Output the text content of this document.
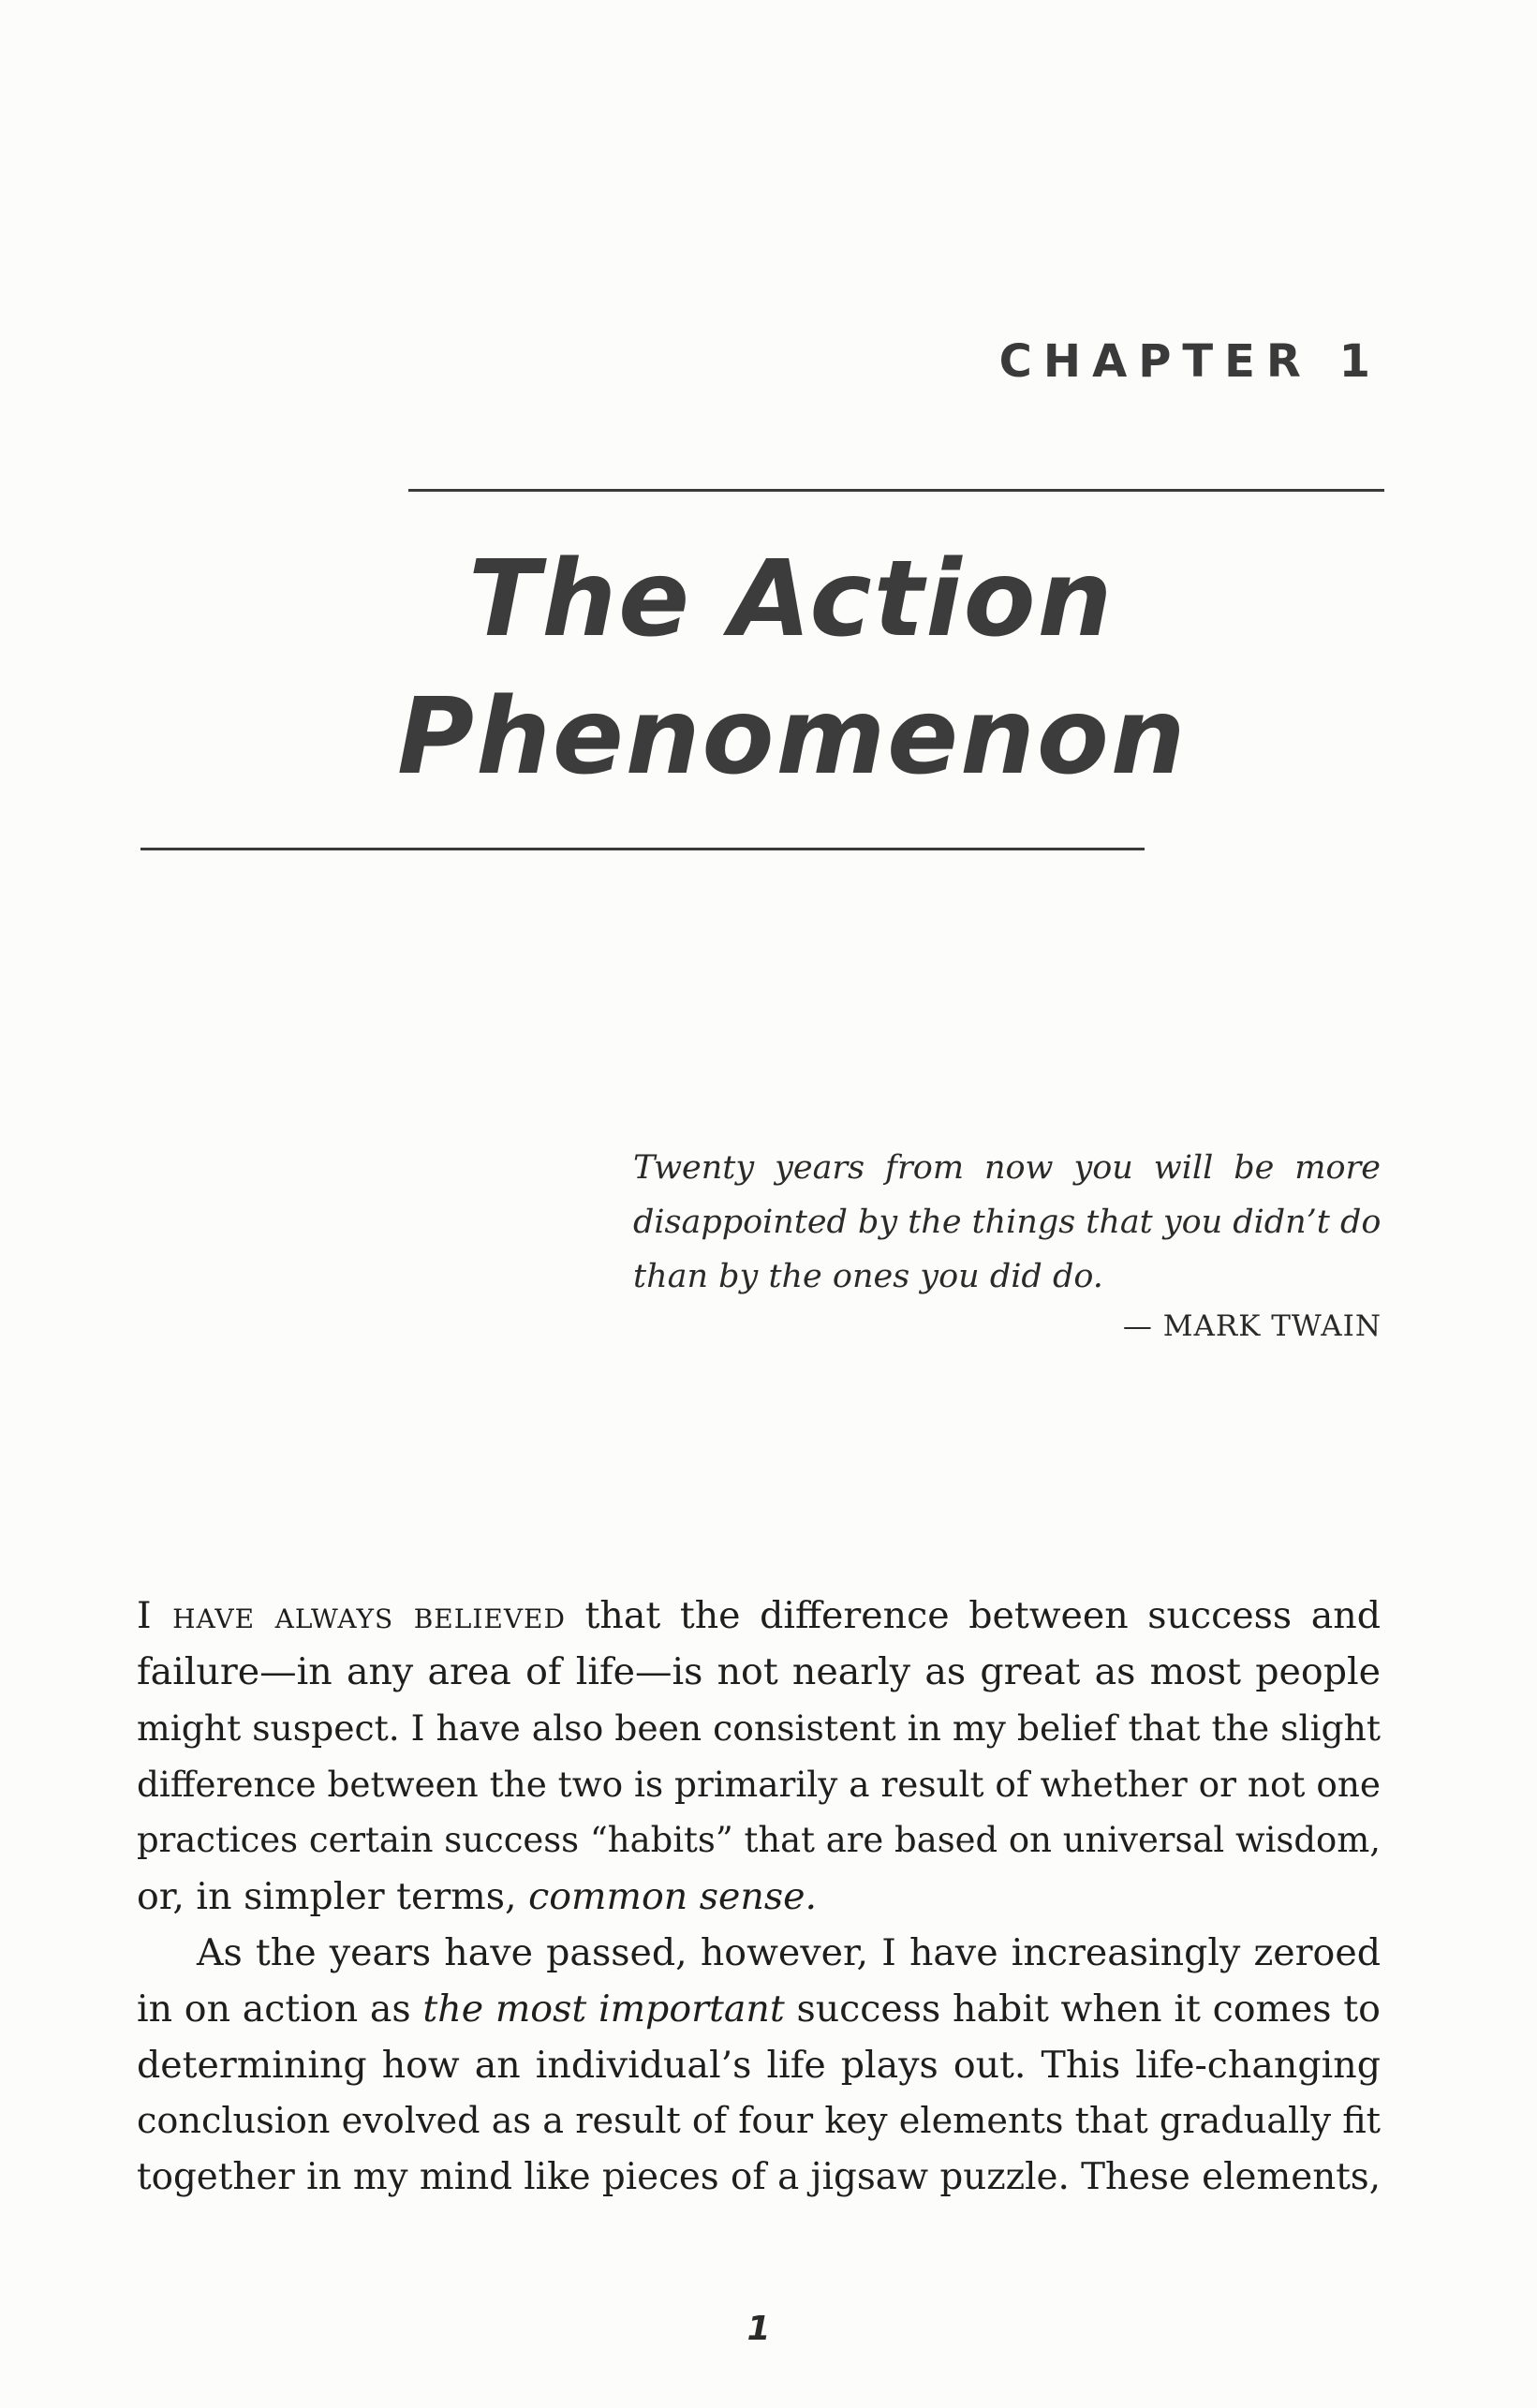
CHAPTER 1
The Action
Phenomenon
Twenty years from now you will be more
disappointed by the things that you didn’t do
than by the ones you did do.
— MARK TWAIN
I have always believed that the difference between success and
failure—in any area of life—is not nearly as great as most people
might suspect. I have also been consistent in my belief that the slight
difference between the two is primarily a result of whether or not one
practices certain success “habits” that are based on universal wisdom,
or, in simpler terms, common sense.
As the years have passed, however, I have increasingly zeroed
in on action as the most important success habit when it comes to
determining how an individual’s life plays out. This life-changing
conclusion evolved as a result of four key elements that gradually fit
together in my mind like pieces of a jigsaw puzzle. These elements,
1
